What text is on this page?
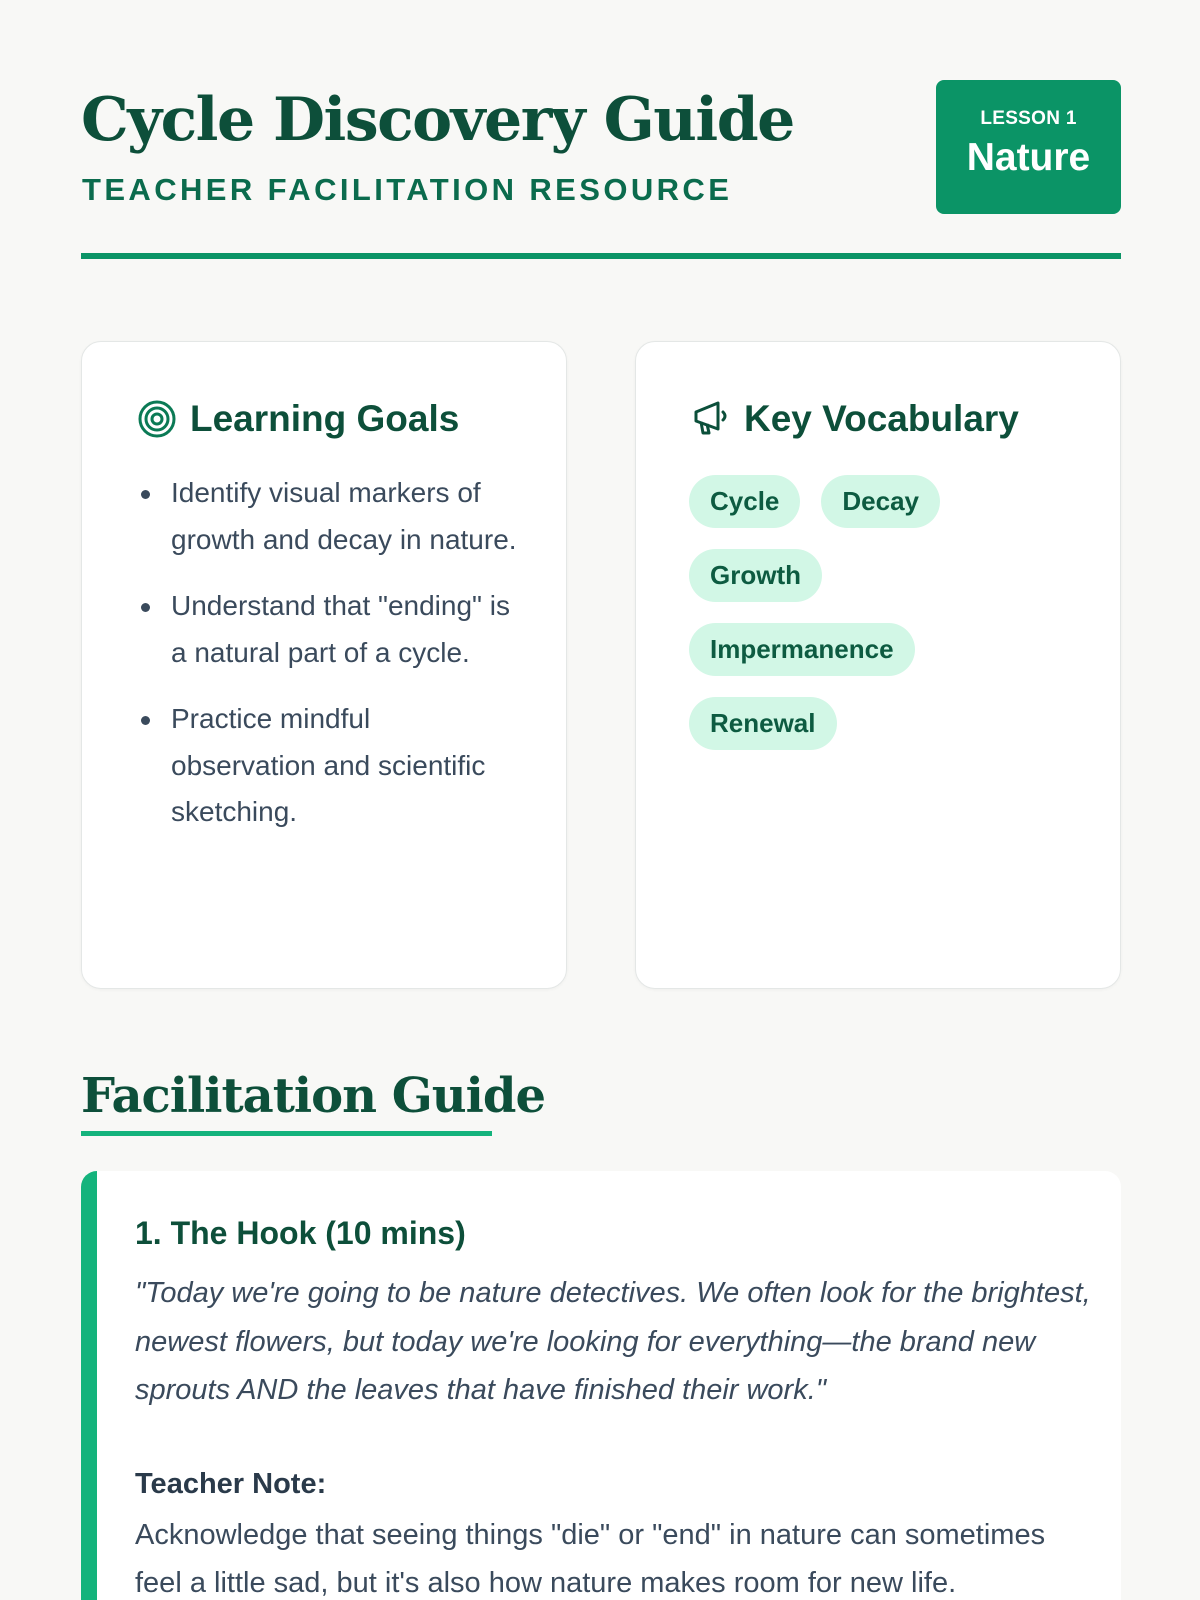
Cycle Discovery Guide
TEACHER FACILITATION RESOURCE
LESSON 1
Nature
Learning Goals
Identify visual markers of growth and decay in nature.
Understand that "ending" is a natural part of a cycle.
Practice mindful observation and scientific sketching.
Key Vocabulary
Cycle	Decay
Growth
Impermanence
Renewal
Facilitation Guide
1. The Hook (10 mins)

"Today we're going to be nature detectives. We often look for the brightest, newest flowers, but today we're looking for everything—the brand new sprouts AND the leaves that have finished their work."

Teacher Note:

Acknowledge that seeing things "die" or "end" in nature can sometimes feel a little sad, but it's also how nature makes room for new life.
